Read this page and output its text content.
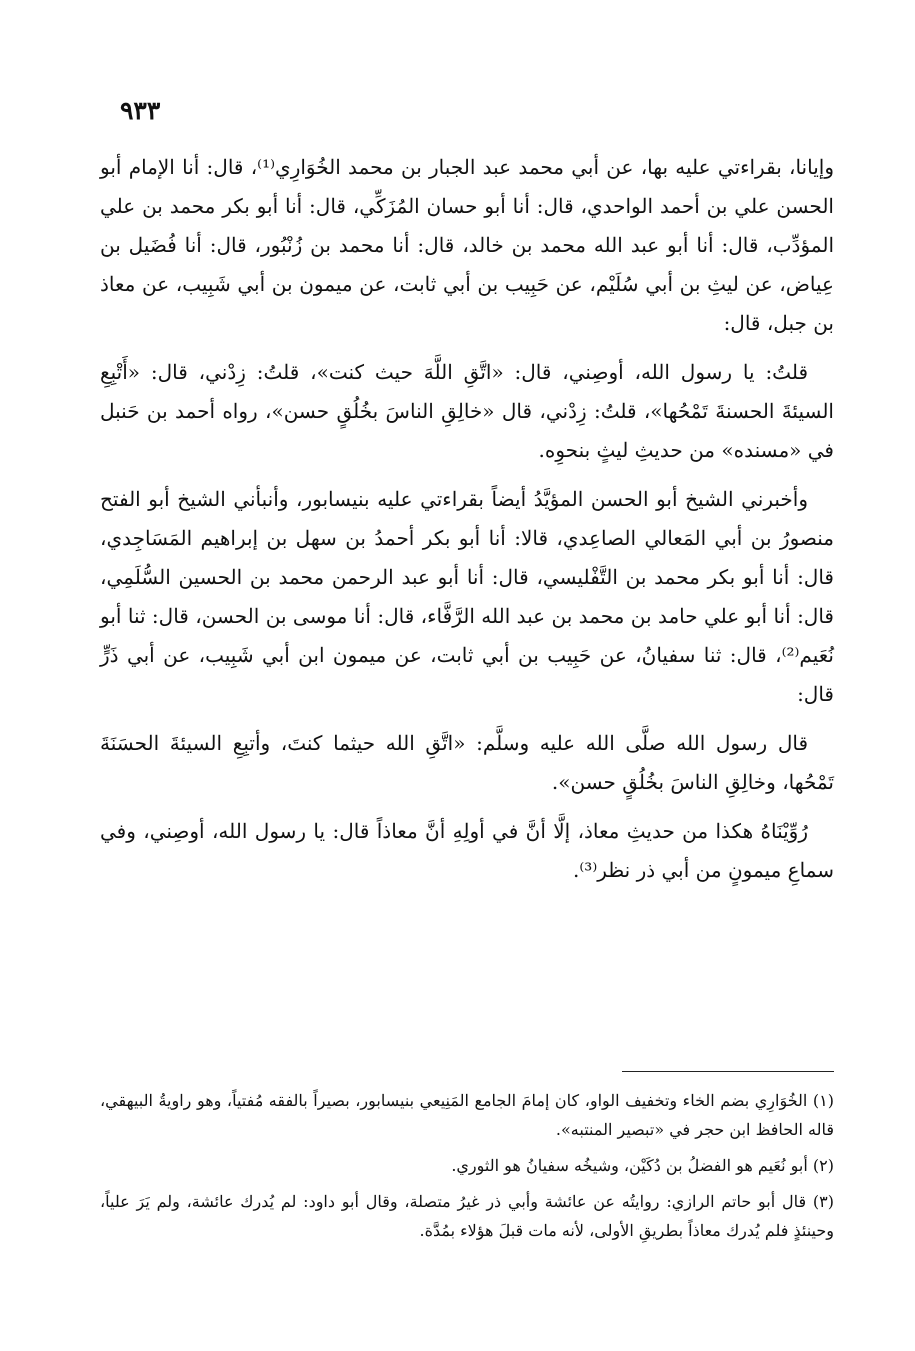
٩٣٣

وإيانا، بقراءتي عليه بها، عن أبي محمد عبد الجبار بن محمد الخُوَارِي⁽¹⁾، قال: أنا الإمام أبو الحسن علي بن أحمد الواحدي، قال: أنا أبو حسان المُزَكِّي، قال: أنا أبو بكر محمد بن علي المؤدِّب، قال: أنا أبو عبد الله محمد بن خالد، قال: أنا محمد بن زُنْبُور، قال: أنا فُضَيل بن عِياض، عن ليثِ بن أبي سُلَيْم، عن حَبِيب بن أبي ثابت، عن ميمون بن أبي شَبِيب، عن معاذ بن جبل، قال:

قلتُ: يا رسول الله، أوصِني، قال: «اتَّقِ اللَّهَ حيث كنت»، قلتُ: زِدْني، قال: «أَتْبِعِ السيئةَ الحسنةَ تَمْحُها»، قلتُ: زِدْني، قال «خالِقِ الناسَ بخُلُقٍ حسن»، رواه أحمد بن حَنبل في «مسنده» من حديثِ ليثٍ بنحوِه.

وأخبرني الشيخ أبو الحسن المؤيَّدُ أيضاً بقراءتي عليه بنيسابور، وأنبأني الشيخ أبو الفتح منصورُ بن أبي المَعالي الصاعِدي، قالا: أنا أبو بكر أحمدُ بن سهل بن إبراهيم المَسَاجِدي، قال: أنا أبو بكر محمد بن التَّفْليسي، قال: أنا أبو عبد الرحمن محمد بن الحسين السُّلَمِي، قال: أنا أبو علي حامد بن محمد بن عبد الله الرَّفَّاء، قال: أنا موسى بن الحسن، قال: ثنا أبو نُعَيم⁽²⁾، قال: ثنا سفيانُ، عن حَبِيب بن أبي ثابت، عن ميمون ابن أبي شَبِيب، عن أبي ذَرٍّ قال:

قال رسول الله صلَّى الله عليه وسلَّم: «اتَّقِ الله حيثما كنتَ، وأتبِعِ السيئةَ الحسَنَةَ تَمْحُها، وخالِقِ الناسَ بخُلُقٍ حسن».

رُوِّيْنَاهُ هكذا من حديثِ معاذ، إلَّا أنَّ في أولِهِ أنَّ معاذاً قال: يا رسول الله، أوصِني، وفي سماعِ ميمونٍ من أبي ذر نظر⁽³⁾.

(١) الخُوَارِي بضم الخاء وتخفيف الواو، كان إمامَ الجامع المَنِيعي بنيسابور، بصيراً بالفقه مُفتياً، وهو راويةُ البيهقي، قاله الحافظ ابن حجر في «تبصير المنتبه».

(٢) أبو نُعَيم هو الفضلُ بن دُكَيْن، وشيخُه سفيانُ هو الثوري.

(٣) قال أبو حاتم الرازي: روايتُه عن عائشة وأبي ذر غيرُ متصلة، وقال أبو داود: لم يُدرك عائشة، ولم يَرَ علياً، وحينئذٍ فلم يُدرك معاذاً بطريقِ الأولى، لأنه مات قبلَ هؤلاء بمُدَّة.
